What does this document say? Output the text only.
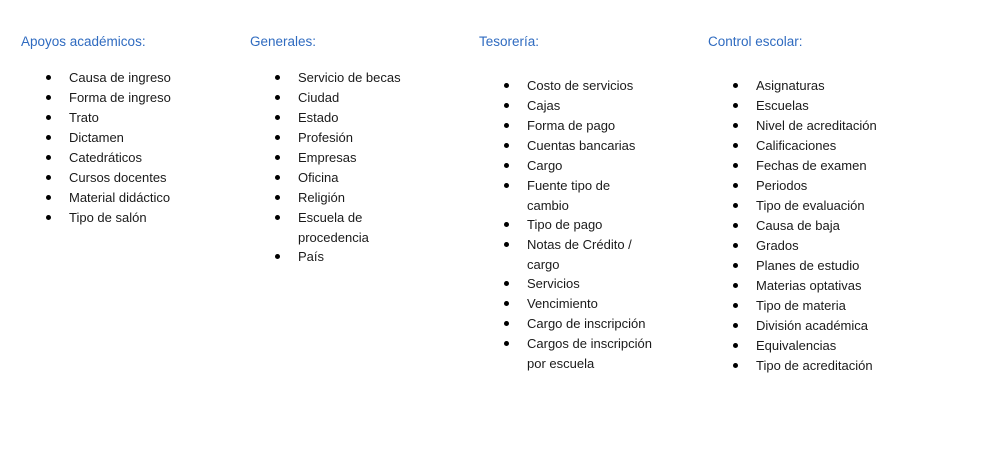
Apoyos académicos:
Causa de ingreso
Forma de ingreso
Trato
Dictamen
Catedráticos
Cursos docentes
Material didáctico
Tipo de salón
Generales:
Servicio de becas
Ciudad
Estado
Profesión
Empresas
Oficina
Religión
Escuela de procedencia
País
Tesorería:
Costo de servicios
Cajas
Forma de pago
Cuentas bancarias
Cargo
Fuente tipo de cambio
Tipo de pago
Notas de Crédito / cargo
Servicios
Vencimiento
Cargo de inscripción
Cargos de inscripción por escuela
Control escolar:
Asignaturas
Escuelas
Nivel de acreditación
Calificaciones
Fechas de examen
Periodos
Tipo de evaluación
Causa de baja
Grados
Planes de estudio
Materias optativas
Tipo de materia
División académica
Equivalencias
Tipo de acreditación
